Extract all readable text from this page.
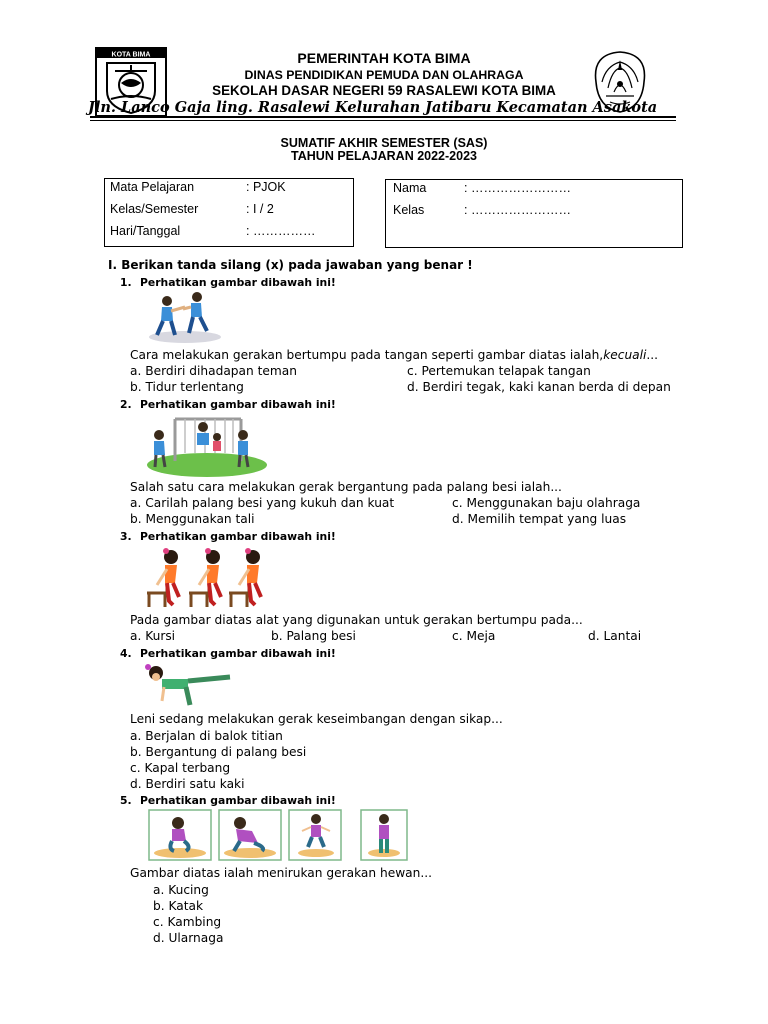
KOTA BIMA	PEMERINTAH KOTA BIMA
DINAS PENDIDIKAN PEMUDA DAN OLAHRAGA
SEKOLAH DASAR NEGERI 59 RASALEWI KOTA BIMA
Jln. Lanco Gaja ling. Rasalewi Kelurahan Jatibaru Kecamatan Asakota
SUMATIF AKHIR SEMESTER (SAS)
TAHUN PELAJARAN 2022-2023
Mata Pelajaran	: PJOK
Kelas/Semester	: I / 2
Hari/Tanggal	: ……………
Nama	: ……………………
Kelas	: ……………………
I. Berikan tanda silang (x) pada jawaban yang benar !
1. Perhatikan gambar dibawah ini!
Cara melakukan gerakan bertumpu pada tangan seperti gambar diatas ialah,kecuali...
a. Berdiri dihadapan teman
b. Tidur terlentang
c. Pertemukan telapak tangan
d. Berdiri tegak, kaki kanan berda di depan
2. Perhatikan gambar dibawah ini!
Salah satu cara melakukan gerak bergantung pada palang besi ialah...
a. Carilah palang besi yang kukuh dan kuat
b. Menggunakan tali
c. Menggunakan baju olahraga
d. Memilih tempat yang luas
3. Perhatikan gambar dibawah ini!
Pada gambar diatas alat yang digunakan untuk gerakan bertumpu pada...
a. Kursi	b. Palang besi	c. Meja	d. Lantai
4. Perhatikan gambar dibawah ini!
Leni sedang melakukan gerak keseimbangan dengan sikap...
a. Berjalan di balok titian
b. Bergantung di palang besi
c. Kapal terbang
d. Berdiri satu kaki
5. Perhatikan gambar dibawah ini!
Gambar diatas ialah menirukan gerakan hewan...
a. Kucing
b. Katak
c. Kambing
d. Ularnaga
